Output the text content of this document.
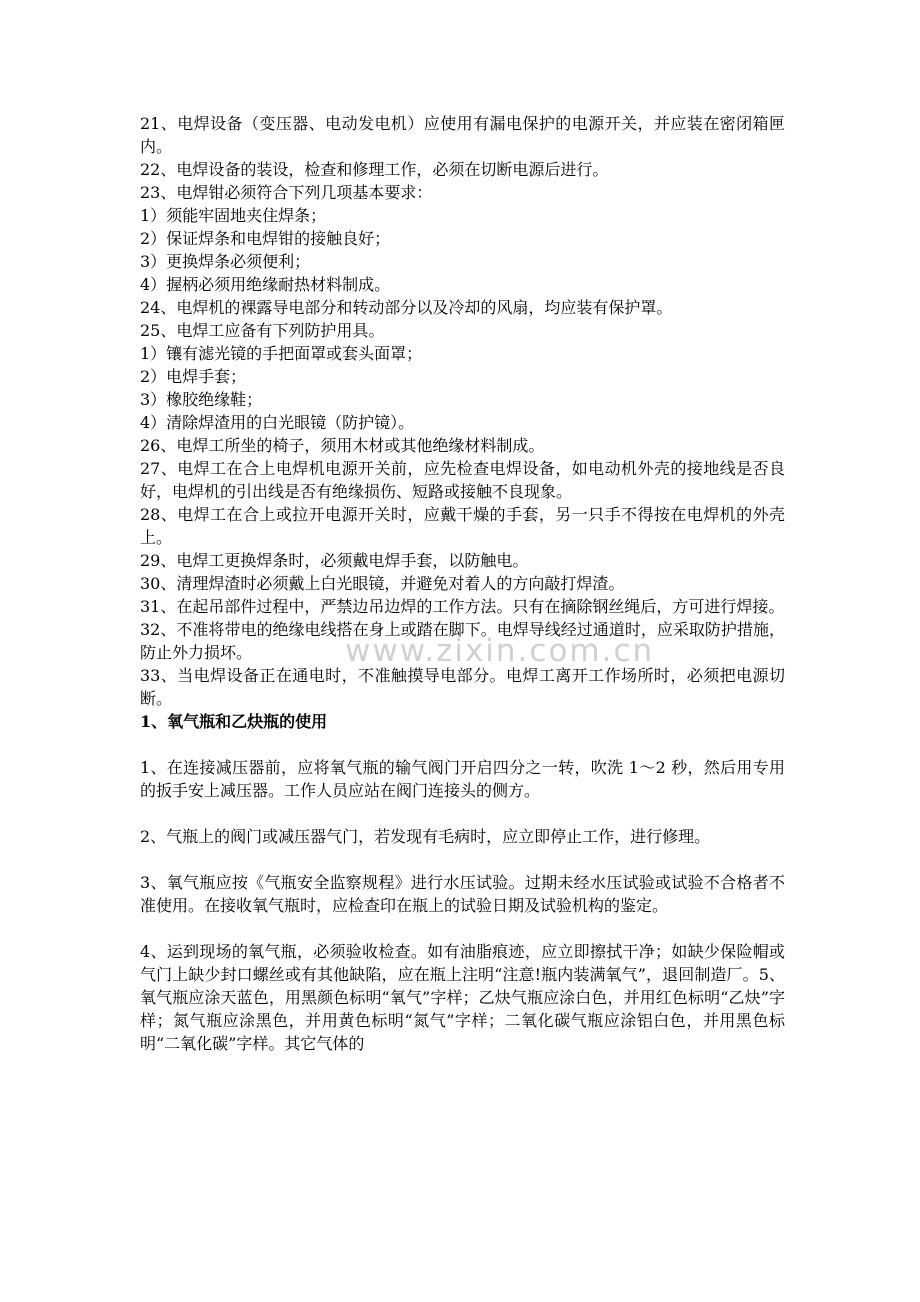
21、电焊设备（变压器、电动发电机）应使用有漏电保护的电源开关，并应装在密闭箱匣内。

22、电焊设备的装设，检查和修理工作，必须在切断电源后进行。

23、电焊钳必须符合下列几项基本要求：

1）须能牢固地夹住焊条；

2）保证焊条和电焊钳的接触良好；

3）更换焊条必须便利；

4）握柄必须用绝缘耐热材料制成。

24、电焊机的裸露导电部分和转动部分以及冷却的风扇，均应装有保护罩。

25、电焊工应备有下列防护用具。

1）镶有滤光镜的手把面罩或套头面罩；

2）电焊手套；

3）橡胶绝缘鞋；

4）清除焊渣用的白光眼镜（防护镜）。

26、电焊工所坐的椅子，须用木材或其他绝缘材料制成。

27、电焊工在合上电焊机电源开关前，应先检查电焊设备，如电动机外壳的接地线是否良好，电焊机的引出线是否有绝缘损伤、短路或接触不良现象。

28、电焊工在合上或拉开电源开关时，应戴干燥的手套，另一只手不得按在电焊机的外壳上。

29、电焊工更换焊条时，必须戴电焊手套，以防触电。

30、清理焊渣时必须戴上白光眼镜，并避免对着人的方向敲打焊渣。

31、在起吊部件过程中，严禁边吊边焊的工作方法。只有在摘除钢丝绳后，方可进行焊接。

32、不准将带电的绝缘电线搭在身上或踏在脚下。电焊导线经过通道时，应采取防护措施，防止外力损坏。

33、当电焊设备正在通电时，不准触摸导电部分。电焊工离开工作场所时，必须把电源切断。

1、氧气瓶和乙炔瓶的使用

1、在连接减压器前，应将氧气瓶的输气阀门开启四分之一转，吹洗 1～2 秒，然后用专用的扳手安上减压器。工作人员应站在阀门连接头的侧方。

2、气瓶上的阀门或减压器气门，若发现有毛病时，应立即停止工作，进行修理。

3、氧气瓶应按《气瓶安全监察规程》进行水压试验。过期未经水压试验或试验不合格者不准使用。在接收氧气瓶时，应检查印在瓶上的试验日期及试验机构的鉴定。

4、运到现场的氧气瓶，必须验收检查。如有油脂痕迹，应立即擦拭干净；如缺少保险帽或气门上缺少封口螺丝或有其他缺陷，应在瓶上注明“注意!瓶内装满氧气”，退回制造厂。5、氧气瓶应涂天蓝色，用黑颜色标明“氧气”字样；乙炔气瓶应涂白色，并用红色标明“乙炔”字样；氮气瓶应涂黑色，并用黄色标明“氮气”字样；二氧化碳气瓶应涂铝白色，并用黑色标明“二氧化碳”字样。其它气体的

www.zixin.com.cn
